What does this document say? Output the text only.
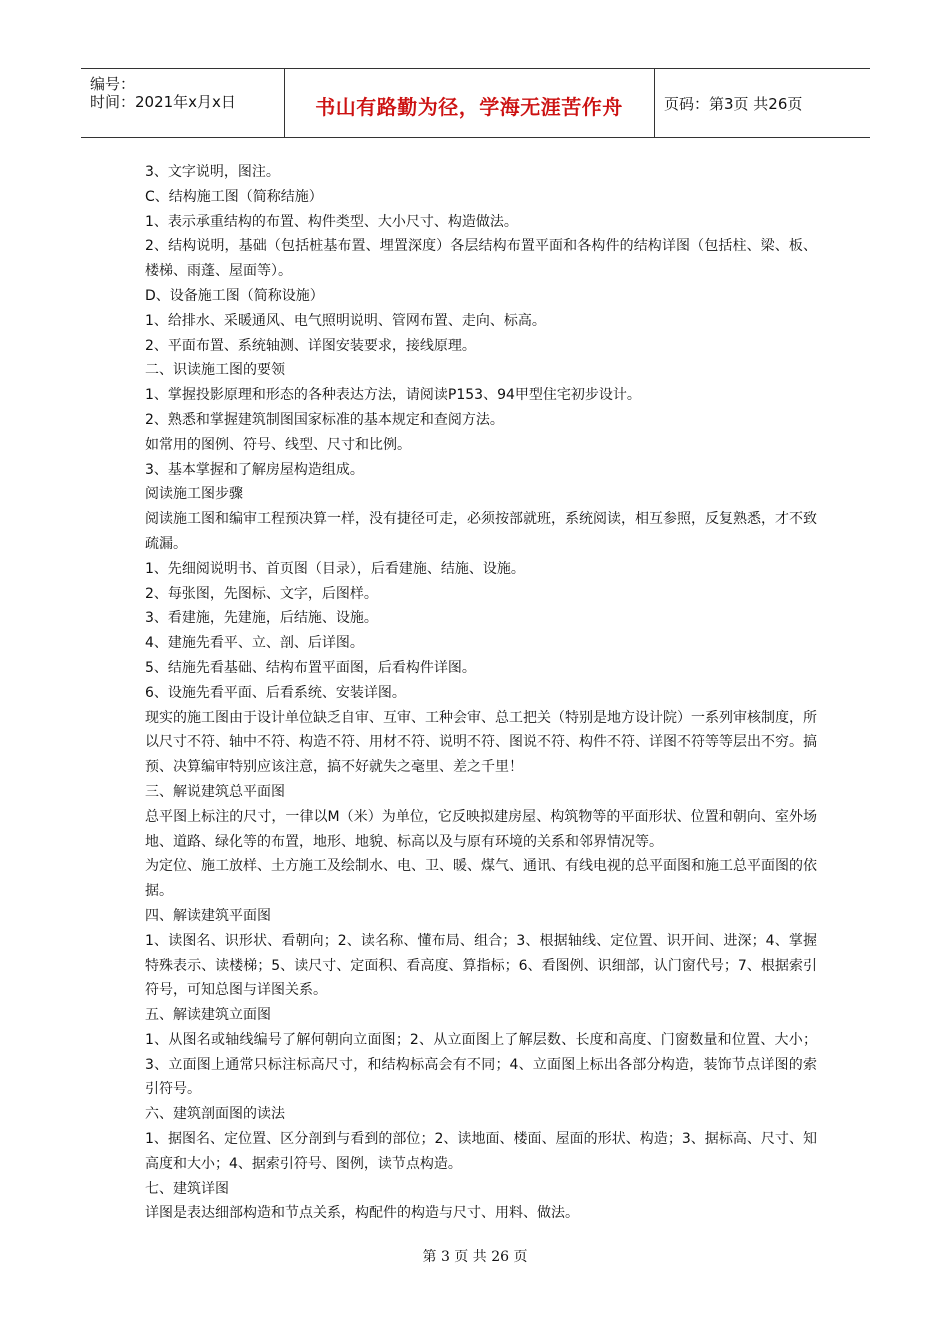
编号：
时间：2021年x月x日	书山有路勤为径，学海无涯苦作舟	页码：第3页 共26页

3、文字说明，图注。

C、结构施工图（简称结施）

1、表示承重结构的布置、构件类型、大小尺寸、构造做法。

2、结构说明，基础（包括桩基布置、埋置深度）各层结构布置平面和各构件的结构详图（包括柱、梁、板、楼梯、雨蓬、屋面等）。

D、设备施工图（简称设施）

1、给排水、采暖通风、电气照明说明、管网布置、走向、标高。

2、平面布置、系统轴测、详图安装要求，接线原理。

二、识读施工图的要领

1、掌握投影原理和形态的各种表达方法，请阅读P153、94甲型住宅初步设计。

2、熟悉和掌握建筑制图国家标准的基本规定和查阅方法。

如常用的图例、符号、线型、尺寸和比例。

3、基本掌握和了解房屋构造组成。

阅读施工图步骤

阅读施工图和编审工程预决算一样，没有捷径可走，必须按部就班，系统阅读，相互参照，反复熟悉，才不致疏漏。

1、先细阅说明书、首页图（目录），后看建施、结施、设施。

2、每张图，先图标、文字，后图样。

3、看建施，先建施，后结施、设施。

4、建施先看平、立、剖、后详图。

5、结施先看基础、结构布置平面图，后看构件详图。

6、设施先看平面、后看系统、安装详图。

现实的施工图由于设计单位缺乏自审、互审、工种会审、总工把关（特别是地方设计院）一系列审核制度，所以尺寸不符、轴中不符、构造不符、用材不符、说明不符、图说不符、构件不符、详图不符等等层出不穷。搞预、决算编审特别应该注意，搞不好就失之毫里、差之千里！

三、解说建筑总平面图

总平图上标注的尺寸，一律以M（米）为单位，它反映拟建房屋、构筑物等的平面形状、位置和朝向、室外场地、道路、绿化等的布置，地形、地貌、标高以及与原有环境的关系和邻界情况等。

为定位、施工放样、土方施工及绘制水、电、卫、暖、煤气、通讯、有线电视的总平面图和施工总平面图的依据。

四、解读建筑平面图

1、读图名、识形状、看朝向；2、读名称、懂布局、组合；3、根据轴线、定位置、识开间、进深；4、掌握特殊表示、读楼梯；5、读尺寸、定面积、看高度、算指标；6、看图例、识细部，认门窗代号；7、根据索引符号，可知总图与详图关系。

五、解读建筑立面图

1、从图名或轴线编号了解何朝向立面图；2、从立面图上了解层数、长度和高度、门窗数量和位置、大小；3、立面图上通常只标注标高尺寸，和结构标高会有不同；4、立面图上标出各部分构造，装饰节点详图的索引符号。

六、建筑剖面图的读法

1、据图名、定位置、区分剖到与看到的部位；2、读地面、楼面、屋面的形状、构造；3、据标高、尺寸、知高度和大小；4、据索引符号、图例，读节点构造。

七、建筑详图

详图是表达细部构造和节点关系，构配件的构造与尺寸、用料、做法。

第 3 页 共 26 页
